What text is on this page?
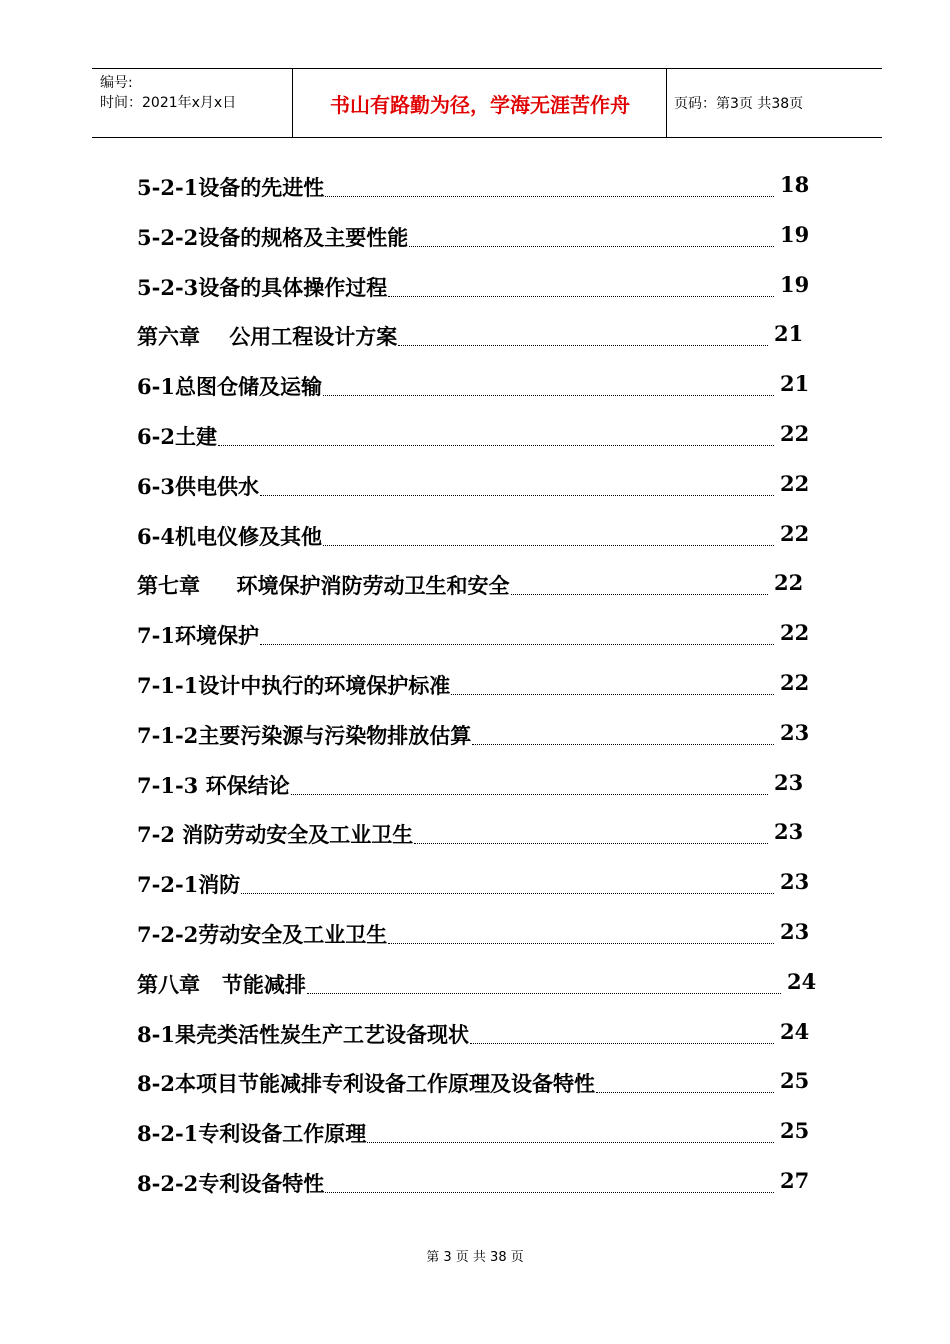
编号:
时间：2021年x月x日	书山有路勤为径，学海无涯苦作舟	页码：第3页 共38页
5-2-1设备的先进性	18
5-2-2设备的规格及主要性能	19
5-2-3设备的具体操作过程	19
第六章    公用工程设计方案	21
6-1总图仓储及运输	21
6-2土建	22
6-3供电供水	22
6-4机电仪修及其他	22
第七章     环境保护消防劳动卫生和安全	22
7-1环境保护	22
7-1-1设计中执行的环境保护标准	22
7-1-2主要污染源与污染物排放估算	23
7-1-3 环保结论	23
7-2 消防劳动安全及工业卫生	23
7-2-1消防	23
7-2-2劳动安全及工业卫生	23
第八章   节能减排	24
8-1果壳类活性炭生产工艺设备现状	24
8-2本项目节能减排专利设备工作原理及设备特性	25
8-2-1专利设备工作原理	25
8-2-2专利设备特性	27
第 3 页 共 38 页
